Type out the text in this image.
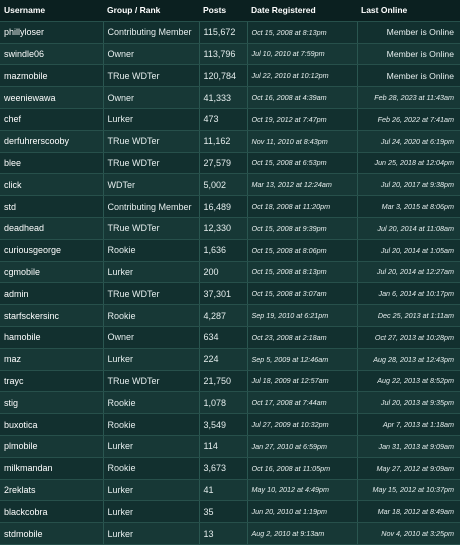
Username	Group / Rank	Posts	Date Registered	Last Online
phillyloser	Contributing Member	115,672	Oct 15, 2008 at 8:13pm	Member is Online
swindle06	Owner	113,796	Jul 10, 2010 at 7:59pm	Member is Online
mazmobile	TRue WDTer	120,784	Jul 22, 2010 at 10:12pm	Member is Online
weeniewawa	Owner	41,333	Oct 16, 2008 at 4:39am	Feb 28, 2023 at 11:43am
chef	Lurker	473	Oct 19, 2012 at 7:47pm	Feb 26, 2022 at 7:41am
derfuhrerscooby	TRue WDTer	11,162	Nov 11, 2010 at 8:43pm	Jul 24, 2020 at 6:19pm
blee	TRue WDTer	27,579	Oct 15, 2008 at 6:53pm	Jun 25, 2018 at 12:04pm
click	WDTer	5,002	Mar 13, 2012 at 12:24am	Jul 20, 2017 at 9:38pm
std	Contributing Member	16,489	Oct 18, 2008 at 11:20pm	Mar 3, 2015 at 8:06pm
deadhead	TRue WDTer	12,330	Oct 15, 2008 at 9:39pm	Jul 20, 2014 at 11:08am
curiousgeorge	Rookie	1,636	Oct 15, 2008 at 8:06pm	Jul 20, 2014 at 1:05am
cgmobile	Lurker	200	Oct 15, 2008 at 8:13pm	Jul 20, 2014 at 12:27am
admin	TRue WDTer	37,301	Oct 15, 2008 at 3:07am	Jan 6, 2014 at 10:17pm
starfsckersinc	Rookie	4,287	Sep 19, 2010 at 6:21pm	Dec 25, 2013 at 1:11am
hamobile	Owner	634	Oct 23, 2008 at 2:18am	Oct 27, 2013 at 10:28pm
maz	Lurker	224	Sep 5, 2009 at 12:46am	Aug 28, 2013 at 12:43pm
trayc	TRue WDTer	21,750	Jul 18, 2009 at 12:57am	Aug 22, 2013 at 8:52pm
stig	Rookie	1,078	Oct 17, 2008 at 7:44am	Jul 20, 2013 at 9:35pm
buxotica	Rookie	3,549	Jul 27, 2009 at 10:32pm	Apr 7, 2013 at 1:18am
plmobile	Lurker	114	Jan 27, 2010 at 6:59pm	Jan 31, 2013 at 9:09am
milkmandan	Rookie	3,673	Oct 16, 2008 at 11:05pm	May 27, 2012 at 9:09am
2reklats	Lurker	41	May 10, 2012 at 4:49pm	May 15, 2012 at 10:37pm
blackcobra	Lurker	35	Jun 20, 2010 at 1:19pm	Mar 18, 2012 at 8:49am
stdmobile	Lurker	13	Aug 2, 2010 at 9:13am	Nov 4, 2010 at 3:25pm
